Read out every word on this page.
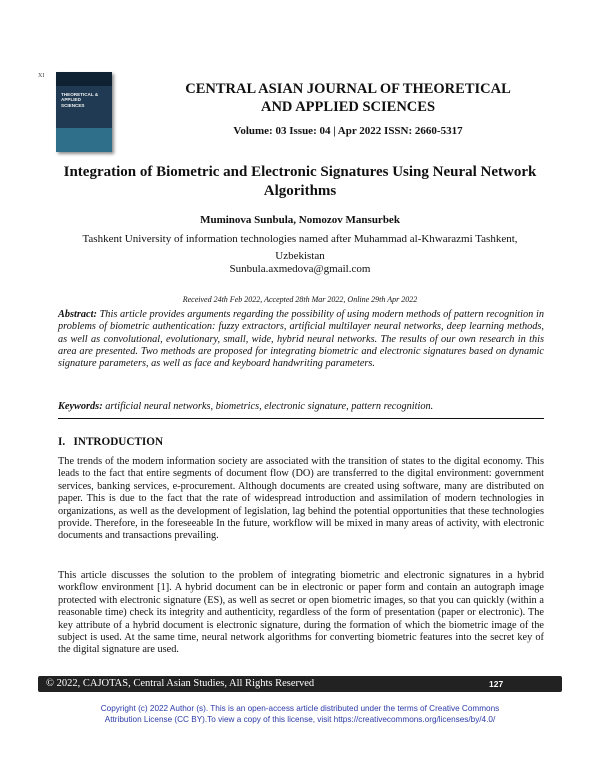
XI
THEORETICAL &
APPLIED
SCIENCES
CENTRAL ASIAN JOURNAL OF THEORETICAL
AND APPLIED SCIENCES
Volume: 03 Issue: 04 | Apr 2022 ISSN: 2660-5317
Integration of Biometric and Electronic Signatures Using Neural Network Algorithms
Muminova Sunbula, Nomozov Mansurbek
Tashkent University of information technologies named after Muhammad al-Khwarazmi Tashkent, Uzbekistan
Sunbula.axmedova@gmail.com
Received 24th Feb 2022, Accepted 28th Mar 2022, Online 29th Apr 2022
Abstract: This article provides arguments regarding the possibility of using modern methods of pattern recognition in problems of biometric authentication: fuzzy extractors, artificial multilayer neural networks, deep learning methods, as well as convolutional, evolutionary, small, wide, hybrid neural networks. The results of our own research in this area are presented. Two methods are proposed for integrating biometric and electronic signatures based on dynamic signature parameters, as well as face and keyboard handwriting parameters.
Keywords: artificial neural networks, biometrics, electronic signature, pattern recognition.
I.   INTRODUCTION
The trends of the modern information society are associated with the transition of states to the digital economy. This leads to the fact that entire segments of document flow (DO) are transferred to the digital environment: government services, banking services, e-procurement. Although documents are created using software, many are distributed on paper. This is due to the fact that the rate of widespread introduction and assimilation of modern technologies in organizations, as well as the development of legislation, lag behind the potential opportunities that these technologies provide. Therefore, in the foreseeable In the future, workflow will be mixed in many areas of activity, with electronic documents and transactions prevailing.
This article discusses the solution to the problem of integrating biometric and electronic signatures in a hybrid workflow environment [1]. A hybrid document can be in electronic or paper form and contain an autograph image protected with electronic signature (ES), as well as secret or open biometric images, so that you can quickly (within a reasonable time) check its integrity and authenticity, regardless of the form of presentation (paper or electronic). The key attribute of a hybrid document is electronic signature, during the formation of which the biometric image of the subject is used. At the same time, neural network algorithms for converting biometric features into the secret key of the digital signature are used.
© 2022, CAJOTAS, Central Asian Studies, All Rights Reserved	127
Copyright (c) 2022 Author (s). This is an open-access article distributed under the terms of Creative Commons
Attribution License (CC BY).To view a copy of this license, visit https://creativecommons.org/licenses/by/4.0/
